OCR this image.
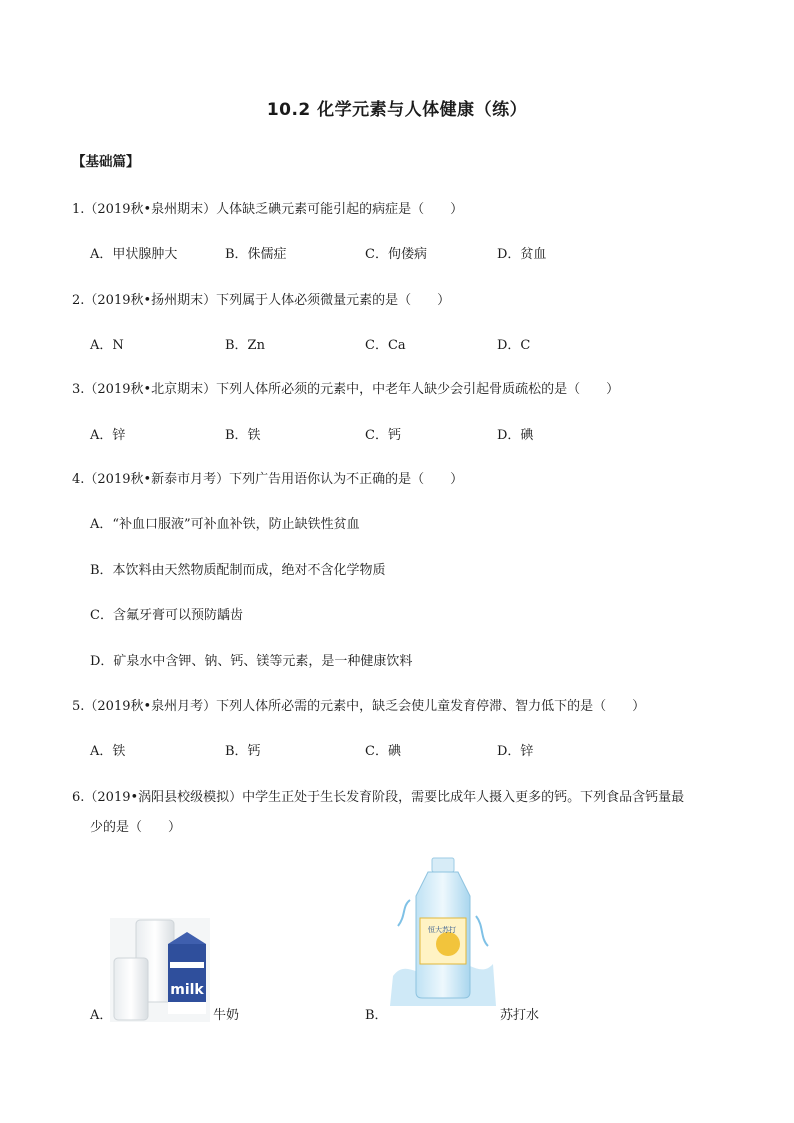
10.2 化学元素与人体健康（练）
【基础篇】
1.（2019秋•泉州期末）人体缺乏碘元素可能引起的病症是（　　）
A．甲状腺肿大	B．侏儒症	C．佝偻病	D．贫血
2.（2019秋•扬州期末）下列属于人体必须微量元素的是（　　）
A．N	B．Zn	C．Ca	D．C
3.（2019秋•北京期末）下列人体所必须的元素中，中老年人缺少会引起骨质疏松的是（　　）
A．锌	B．铁	C．钙	D．碘
4.（2019秋•新泰市月考）下列广告用语你认为不正确的是（　　）
A．“补血口服液”可补血补铁，防止缺铁性贫血
B．本饮料由天然物质配制而成，绝对不含化学物质
C．含氟牙膏可以预防龋齿
D．矿泉水中含钾、钠、钙、镁等元素，是一种健康饮料
5.（2019秋•泉州月考）下列人体所必需的元素中，缺乏会使儿童发育停滞、智力低下的是（　　）
A．铁	B．钙	C．碘	D．锌
6.（2019•涡阳县校级模拟）中学生正处于生长发育阶段，需要比成年人摄入更多的钙。下列食品含钙量最
少的是（　　）
milk
恒大苏打
A．	牛奶	B．	苏打水
